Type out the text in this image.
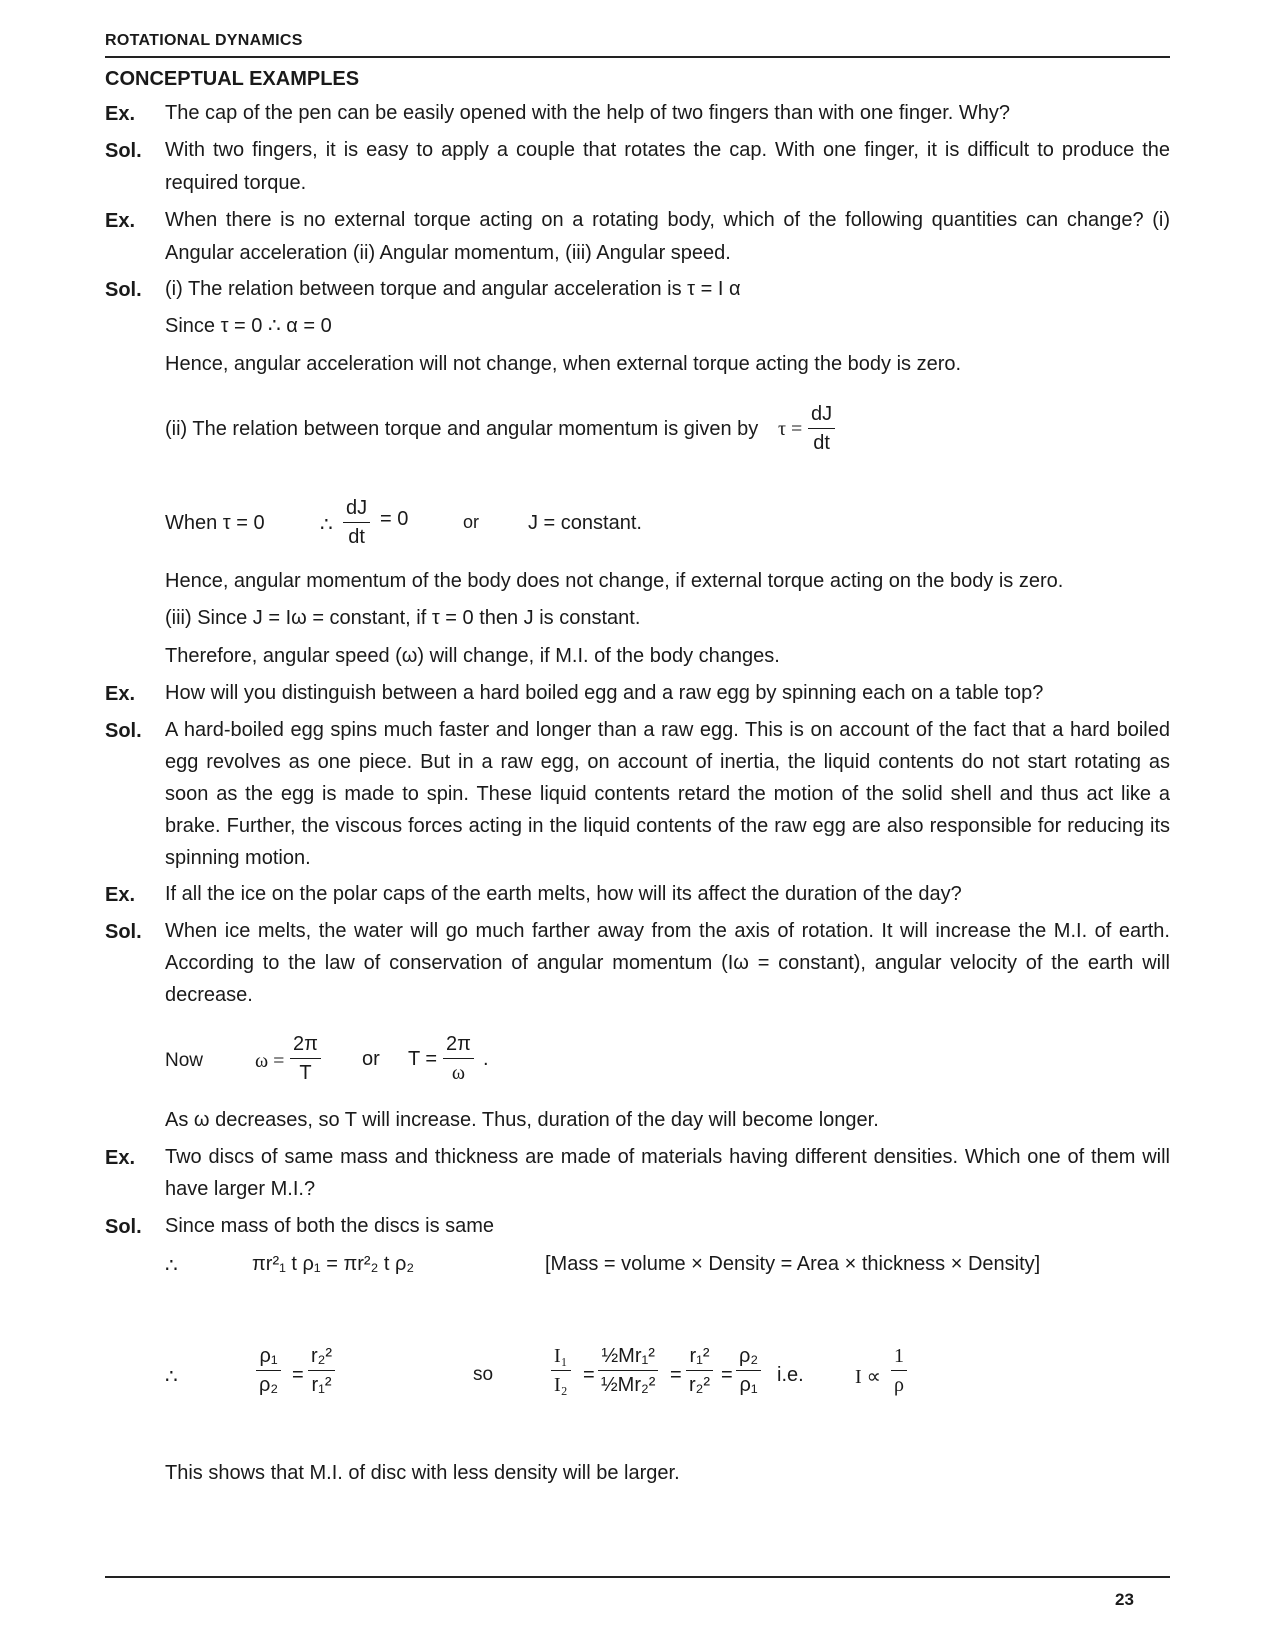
ROTATIONAL DYNAMICS
CONCEPTUAL EXAMPLES
Ex. The cap of the pen can be easily opened with the help of two fingers than with one finger. Why?
Sol. With two fingers, it is easy to apply a couple that rotates the cap. With one finger, it is difficult to produce the required torque.
Ex. When there is no external torque acting on a rotating body, which of the following quantities can change? (i) Angular acceleration (ii) Angular momentum, (iii) Angular speed.
Sol. (i) The relation between torque and angular acceleration is τ = I α
Since τ = 0 ∴ α = 0
Hence, angular acceleration will not change, when external torque acting the body is zero.
(ii) The relation between torque and angular momentum is given by $\tau = \frac{dJ}{dt}$
When τ = 0	∴ $\frac{dJ}{dt} = 0$	or J = constant.
Hence, angular momentum of the body does not change, if external torque acting on the body is zero.
(iii) Since J = Iω = constant, if τ = 0 then J is constant.
Therefore, angular speed (ω) will change, if M.I. of the body changes.
Ex. How will you distinguish between a hard boiled egg and a raw egg by spinning each on a table top?
Sol. A hard-boiled egg spins much faster and longer than a raw egg. This is on account of the fact that a hard boiled egg revolves as one piece. But in a raw egg, on account of inertia, the liquid contents do not start rotating as soon as the egg is made to spin. These liquid contents retard the motion of the solid shell and thus act like a brake. Further, the viscous forces acting in the liquid contents of the raw egg are also responsible for reducing its spinning motion.
Ex. If all the ice on the polar caps of the earth melts, how will its affect the duration of the day?
Sol. When ice melts, the water will go much farther away from the axis of rotation. It will increase the M.I. of earth. According to the law of conservation of angular momentum (Iω = constant), angular velocity of the earth will decrease.
Now	$\omega = \frac{2\pi}{T}$ or $T = \frac{2\pi}{\omega}$ .
As ω decreases, so T will increase. Thus, duration of the day will become longer.
Ex. Two discs of same mass and thickness are made of materials having different densities. Which one of them will have larger M.I.?
Sol. Since mass of both the discs is same
∴	πr²₁ t ρ₁ = πr²₂ t ρ₂	[Mass = volume × Density = Area × thickness × Density]
∴	$\frac{\text{ρ₁}}{\text{ρ₂}} = \frac{\text{r₂²}}{\text{r₁²}}$	so	$\frac{\text{I₁}}{\text{I₂}} = \frac{\text{½Mr₁²}}{\text{½Mr₂²}} = \frac{\text{r₁²}}{\text{r₂²}} = \frac{\text{ρ₂}}{\text{ρ₁}} i.e$.	$I \propto \frac{1}{\rho}$
This shows that M.I. of disc with less density will be larger.
23
